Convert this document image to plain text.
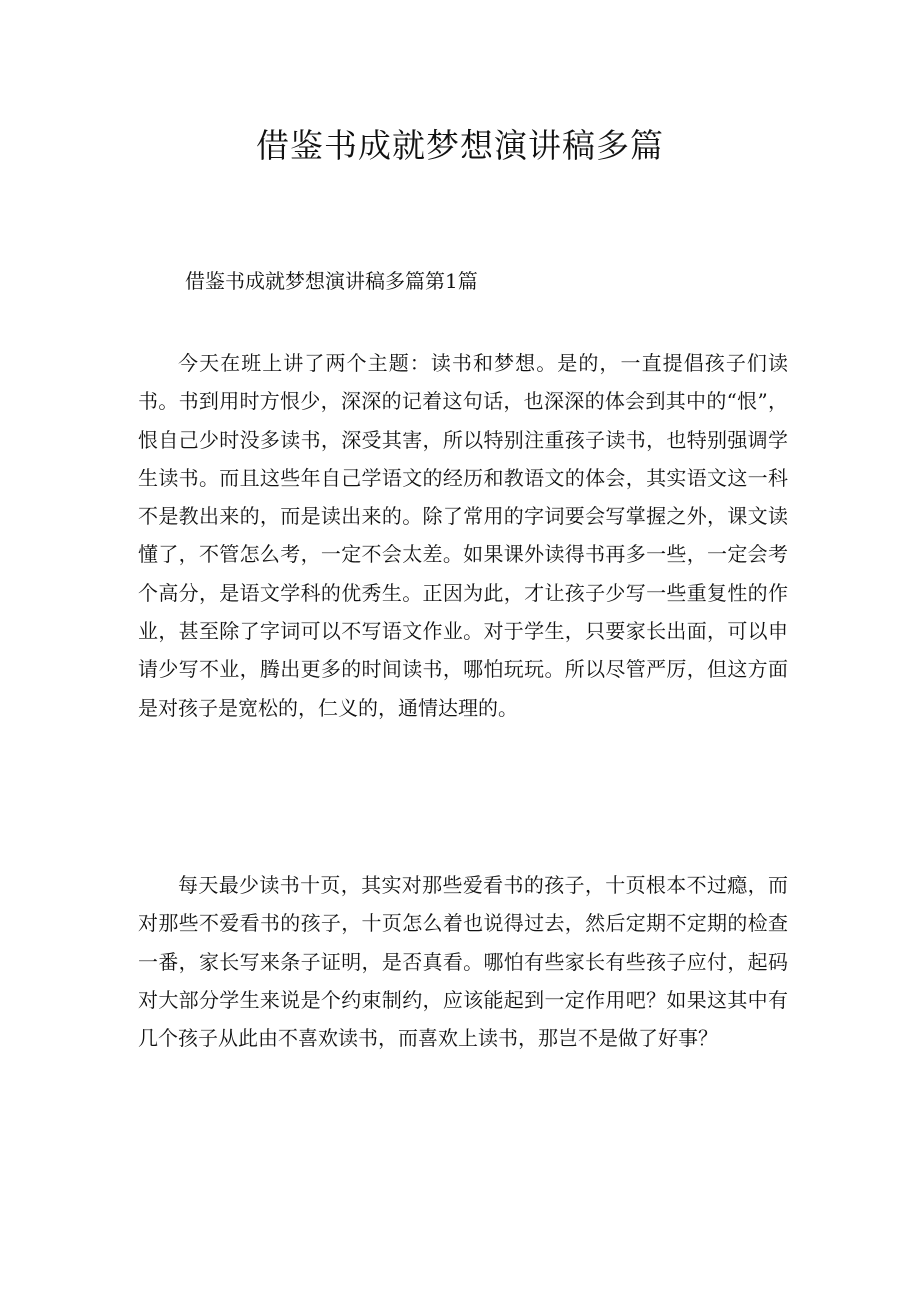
借鉴书成就梦想演讲稿多篇
借鉴书成就梦想演讲稿多篇第1篇

今天在班上讲了两个主题：读书和梦想。是的，一直提倡孩子们读书。书到用时方恨少，深深的记着这句话，也深深的体会到其中的“恨”，恨自己少时没多读书，深受其害，所以特别注重孩子读书，也特别强调学生读书。而且这些年自己学语文的经历和教语文的体会，其实语文这一科不是教出来的，而是读出来的。除了常用的字词要会写掌握之外，课文读懂了，不管怎么考，一定不会太差。如果课外读得书再多一些，一定会考个高分，是语文学科的优秀生。正因为此，才让孩子少写一些重复性的作业，甚至除了字词可以不写语文作业。对于学生，只要家长出面，可以申请少写不业，腾出更多的时间读书，哪怕玩玩。所以尽管严厉，但这方面是对孩子是宽松的，仁义的，通情达理的。

每天最少读书十页，其实对那些爱看书的孩子，十页根本不过瘾，而对那些不爱看书的孩子，十页怎么着也说得过去，然后定期不定期的检查一番，家长写来条子证明，是否真看。哪怕有些家长有些孩子应付，起码对大部分学生来说是个约束制约，应该能起到一定作用吧？如果这其中有几个孩子从此由不喜欢读书，而喜欢上读书，那岂不是做了好事？
